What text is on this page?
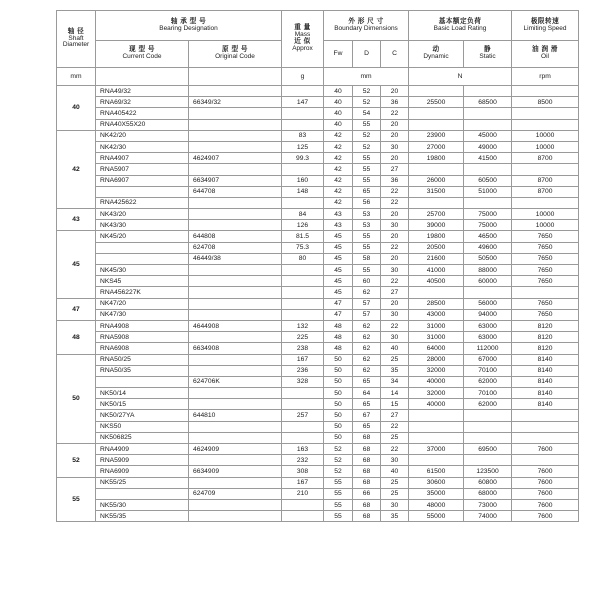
轴 径
Shaft
Diameter	轴 承 型 号
Bearing Designation		重 量
Mass
近 似
Approx	外 形 尺 寸
Boundary Dimensions			基本额定负荷
Basic Load Rating		极限转速
Limiting Speed

	现 型 号
Current Code	原 型 号
Original Code		Fw	D	C	动
Dynamic	静
Static	油 润 滑
Oil

mm			g	mm			N		rpm
40	RNA49/32			40	52	20			
	RNA69/32	66349/32	147	40	52	36	25500	68500	8500
	RNA405422			40	54	22			
	RNA40X55X20			40	55	20			
42	NK42/20		83	42	52	20	23900	45000	10000
	NK42/30		125	42	52	30	27000	49000	10000
	RNA4907	4624907	99.3	42	55	20	19800	41500	8700
	RNA5907			42	55	27			
	RNA6907	6634907	160	42	55	36	26000	60500	8700
		644708	148	42	65	22	31500	51000	8700
	RNA425622			42	56	22			
43	NK43/20		84	43	53	20	25700	75000	10000
	NK43/30		126	43	53	30	39000	75000	10000
45	NK45/20	644808	81.5	45	55	20	19800	46500	7650
		624708	75.3	45	55	22	20500	49600	7650
		46449/38	80	45	58	20	21600	50500	7650
	NK45/30			45	55	30	41000	88000	7650
	NKS45			45	60	22	40500	60000	7650
	RNA456227K			45	62	27			
47	NK47/20			47	57	20	28500	56000	7650
	NK47/30			47	57	30	43000	94000	7650
48	RNA4908	4644908	132	48	62	22	31000	63000	8120
	RNA5908		225	48	62	30	31000	63000	8120
	RNA6908	6634908	238	48	62	40	64000	112000	8120
50	RNA50/25		167	50	62	25	28000	67000	8140
	RNA50/35		236	50	62	35	32000	70100	8140
		624706K	328	50	65	34	40000	62000	8140
	NK50/14			50	64	14	32000	70100	8140
	NK50/15			50	65	15	40000	62000	8140
	NK50/27YA	644810	257	50	67	27			
	NKS50			50	65	22			
	NK506825			50	68	25			
52	RNA4909	4624909	163	52	68	22	37000	69500	7600
	RNA5909		232	52	68	30			
	RNA6909	6634909	308	52	68	40	61500	123500	7600
55	NK55/25		167	55	68	25	30600	60800	7600
		624709	210	55	66	25	35000	68000	7600
	NK55/30			55	68	30	48000	73000	7600
	NK55/35			55	68	35	55000	74000	7600
